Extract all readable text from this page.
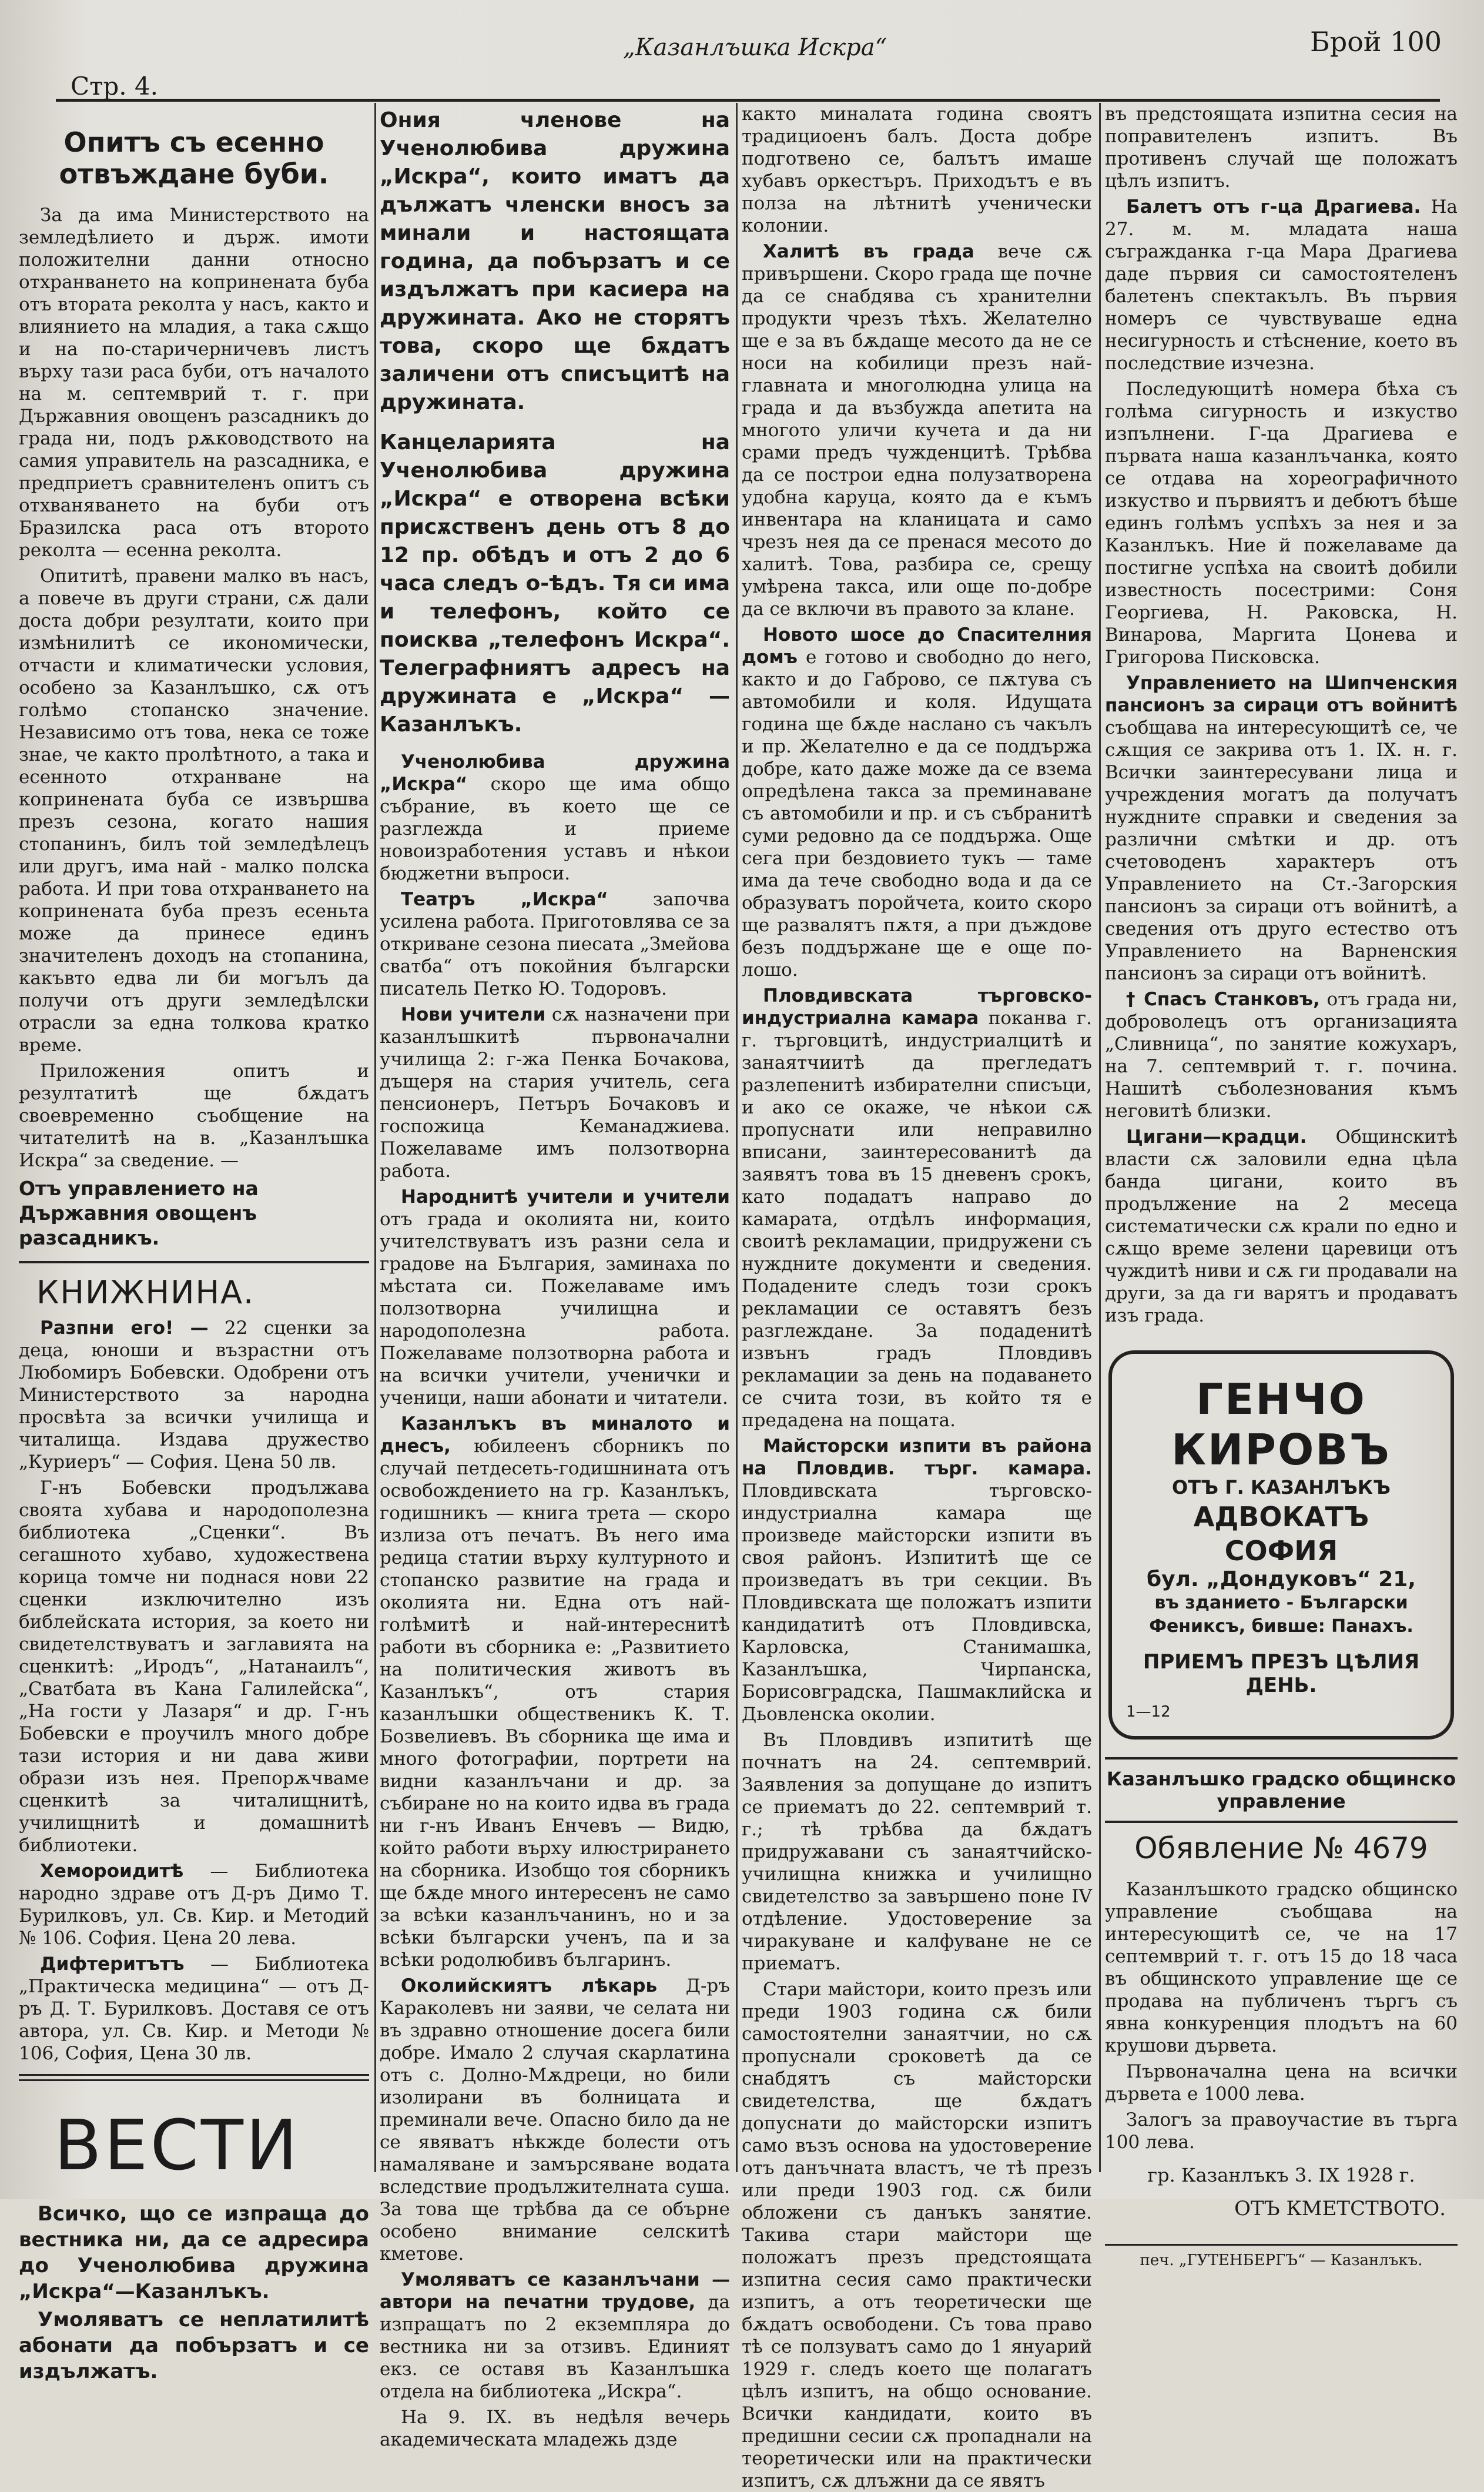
„Казанлъшка Искра“	Брой 100
Стр. 4.
Опитъ съ есенно отвъждане буби.

За да има Министерството на земледѣлието и държ. имоти положителни данни относно отхранването на копринената буба отъ втората реколта у насъ, както и влиянието на младия, а така сѫщо и на по-старичерничевъ листъ върху тази раса буби, отъ началото на м. септемврий т. г. при Държавния овощенъ разсадникъ до града ни, подъ рѫководството на самия управитель на разсадника, е предприетъ сравнителенъ опитъ съ отхваняването на буби отъ Бразилска раса отъ второто реколта — есенна реколта.

Опититѣ, правени малко въ насъ, а повече въ други страни, сѫ дали доста добри резултати, които при измѣнилитѣ се икономически, отчасти и климатически условия, особено за Казанлъшко, сѫ отъ голѣмо стопанско значение. Независимо отъ това, нека се тоже знае, че както пролѣтното, а така и есенното отхранване на копринената буба се извършва презъ сезона, когато нашия стопанинъ, билъ той земледѣлецъ или другъ, има най - малко полска работа. И при това отхранването на копринената буба презъ есеньта може да принесе единъ значителенъ доходъ на стопанина, какъвто едва ли би могълъ да получи отъ други земледѣлски отрасли за една толкова кратко време.

Приложения опитъ и резултатитѣ ще бѫдатъ своевременно съобщение на читателитѣ на в. „Казанлъшка Искра“ за сведение. —

Отъ управлението на Държавния овощенъ разсадникъ.
КНИЖНИНА.

Разпни его! — 22 сценки за деца, юноши и възрастни отъ Любомиръ Бобевски. Одобрени отъ Министерството за народна просвѣта за всички училища и читалища. Издава дружество „Куриеръ“ — София. Цена 50 лв.

Г-нъ Бобевски продължава своята хубава и народополезна библиотека „Сценки“. Въ сегашното хубаво, художествена корица томче ни поднася нови 22 сценки изключително изъ библейската история, за което ни свидетелствуватъ и заглавията на сценкитѣ: „Иродъ“, „Натанаилъ“, „Сватбата въ Кана Галилейска“, „На гости у Лазаря“ и др. Г-нъ Бобевски е проучилъ много добре тази история и ни дава живи образи изъ нея. Препорѫчваме сценкитѣ за читалищнитѣ, училищнитѣ и домашнитѣ библиотеки.

Хемороидитѣ — Библиотека народно здраве отъ Д-ръ Димо Т. Бурилковъ, ул. Св. Кир. и Методий № 106. София. Цена 20 лева.

Дифтеритътъ — Библиотека „Практическа медицина“ — отъ Д-ръ Д. Т. Бурилковъ. Доставя се отъ автора, ул. Св. Кир. и Методи № 106, София, Цена 30 лв.

ВЕСТИ

Всичко, що се изпраща до вестника ни, да се адресира до Ученолюбива дружина „Искра“—Казанлъкъ.

Умоляватъ се неплатилитѣ абонати да побързатъ и се издължатъ.

Ония членове на Ученолюбива дружина „Искра“, които иматъ да дължатъ членски вносъ за минали и настоящата година, да побързатъ и се издължатъ при касиера на дружината. Ако не сторятъ това, скоро ще бѫдатъ заличени отъ списъцитѣ на дружината.

Канцеларията на Ученолюбива дружина „Искра“ е отворена всѣки присѫственъ день отъ 8 до 12 пр. обѣдъ и отъ 2 до 6 часа следъ о-ѣдъ. Тя си има и телефонъ, който се поисква „телефонъ Искра“. Телеграфниятъ адресъ на дружината е „Искра“ — Казанлъкъ.

Ученолюбива дружина „Искра“ скоро ще има общо събрание, въ което ще се разглежда и приеме новоизработения уставъ и нѣкои бюджетни въпроси.

Театръ „Искра“ започва усилена работа. Приготовлява се за откриване сезона пиесата „Змейова сватба“ отъ покойния български писатель Петко Ю. Тодоровъ.

Нови учители сѫ назначени при казанлъшкитѣ първоначални училища 2: г-жа Пенка Бочакова, дъщеря на стария учитель, сега пенсионеръ, Петъръ Бочаковъ и госпожица Кеманаджиева. Пожелаваме имъ ползотворна работа.

Народнитѣ учители и учители отъ града и околията ни, които учителствуватъ изъ разни села и градове на България, заминаха по мѣстата си. Пожелаваме имъ ползотворна училищна и народополезна работа. Пожелаваме ползотворна работа и на всички учители, ученички и ученици, наши абонати и читатели.

Казанлъкъ въ миналото и днесъ, юбилеенъ сборникъ по случай петдесеть-годишнината отъ освобождението на гр. Казанлъкъ, годишникъ — книга трета — скоро излиза отъ печатъ. Въ него има редица статии върху културното и стопанско развитие на града и околията ни. Една отъ най-голѣмитѣ и най-интереснитѣ работи въ сборника е: „Развитието на политическия животъ въ Казанлъкъ“, отъ стария казанлъшки общественикъ К. Т. Бозвелиевъ. Въ сборника ще има и много фотографии, портрети на видни казанлъчани и др. за събиране но на които идва въ града ни г-нъ Иванъ Енчевъ — Видю, който работи върху илюстрирането на сборника. Изобщо тоя сборникъ ще бѫде много интересенъ не само за всѣки казанлъчанинъ, но и за всѣки български ученъ, па и за всѣки родолюбивъ българинъ.

Околийскиятъ лѣкарь Д-ръ Караколевъ ни заяви, че селата ни въ здравно отношение досега били добре. Имало 2 случая скарлатина отъ с. Долно-Мѫдреци, но били изолирани въ болницата и преминали вече. Опасно било да не се явяватъ нѣкжде болести отъ намаляване и замърсяване водата вследствие продължителната суша. За това ще трѣбва да се обърне особено внимание селскитѣ кметове.

Умоляватъ се казанлъчани — автори на печатни трудове, да изпращатъ по 2 екземпляра до вестника ни за отзивъ. Единият екз. се оставя въ Казанлъшка отдела на библиотека „Искра“.

На 9. IX. въ недѣля вечерь академическата младежь дзде

както миналата година своятъ традициоенъ балъ. Доста добре подготвено се, балътъ имаше хубавъ оркестъръ. Приходътъ е въ полза на лѣтнитѣ ученически колонии.

Халитѣ въ града вече сѫ привършени. Скоро града ще почне да се снабдява съ хранителни продукти чрезъ тѣхъ. Желателно ще е за въ бѫдаще месото да не се носи на кобилици презъ най-главната и многолюдна улица на града и да възбужда апетита на многото уличи кучета и да ни срами предъ чужденцитѣ. Трѣбва да се построи една полузатворена удобна каруца, която да е къмъ инвентара на кланицата и само чрезъ нея да се пренася месото до халитѣ. Това, разбира се, срещу умѣрена такса, или още по-добре да се включи въ правото за клане.

Новото шосе до Спасителния домъ е готово и свободно до него, както и до Габрово, се пѫтува съ автомобили и коля. Идущата година ще бѫде наслано съ чакълъ и пр. Желателно е да се поддържа добре, като даже може да се взема опредѣлена такса за преминаване съ автомобили и пр. и съ събранитѣ суми редовно да се поддържа. Още сега при бездовието тукъ — таме има да тече свободно вода и да се образуватъ поройчета, които скоро ще развалятъ пѫтя, а при дъждове безъ поддържане ще е още по-лошо.

Пловдивската търговско-индустриална камара поканва г. г. търговцитѣ, индустриалцитѣ и занаятчиитѣ да прегледатъ разлепенитѣ избирателни списъци, и ако се окаже, че нѣкои сѫ пропуснати или неправилно вписани, заинтересованитѣ да заявятъ това въ 15 дневенъ срокъ, като подадатъ направо до камарата, отдѣлъ информация, своитѣ рекламации, придружени съ нуждните документи и сведения. Подадените следъ този срокъ рекламации се оставятъ безъ разглеждане. За подаденитѣ извънъ градъ Пловдивъ рекламации за день на подаването се счита този, въ който тя е предадена на пощата.

Майсторски изпити въ района на Пловдив. търг. камара. Пловдивската търговско-индустриална камара ще произведе майсторски изпити въ своя районъ. Изпититѣ ще се произведатъ въ три секции. Въ Пловдивската ще положатъ изпити кандидатитѣ отъ Пловдивска, Карловска, Станимашка, Казанлъшка, Чирпанска, Борисовградска, Пашмаклийска и Дьовленска околии.

Въ Пловдивъ изпититѣ ще почнатъ на 24. септемврий. Заявления за допущане до изпитъ се приематъ до 22. септемврий т. г.; тѣ трѣбва да бѫдатъ придружавани съ занаятчийско-училищна книжка и училищно свидетелство за завършено поне IV отдѣление. Удостоверение за чиракуване и калфуване не се приематъ.

Стари майстори, които презъ или преди 1903 година сѫ били самостоятелни занаятчии, но сѫ пропуснали сроковетѣ да се снабдятъ съ майсторски свидетелства, ще бѫдатъ допуснати до майсторски изпитъ само възъ основа на удостоверение отъ данъчната властъ, че тѣ презъ или преди 1903 год. сѫ били обложени съ данъкъ занятие. Такива стари майстори ще положатъ презъ предстоящата изпитна сесия само практически изпитъ, а отъ теоретически ще бѫдатъ освободени. Съ това право тѣ се ползуватъ само до 1 януарий 1929 г. следъ което ще полагатъ цѣлъ изпитъ, на общо основание. Всички кандидати, които въ предишни сесии сѫ пропаднали на теоретически или на практически изпитъ, сѫ длъжни да се явятъ

въ предстоящата изпитна сесия на поправителенъ изпитъ. Въ противенъ случай ще положатъ цѣлъ изпитъ.

Балетъ отъ г-ца Драгиева. На 27. м. м. младата наша съгражданка г-ца Мара Драгиева даде първия си самостоятеленъ балетенъ спектакълъ. Въ първия номеръ се чувствуваше една несигурность и стѣснение, което въ последствие изчезна.

Последующитѣ номера бѣха съ голѣма сигурность и изкуство изпълнени. Г-ца Драгиева е първата наша казанлъчанка, която се отдава на хореографичното изкуство и първиятъ и дебютъ бѣше единъ голѣмъ успѣхъ за нея и за Казанлъкъ. Ние й пожелаваме да постигне успѣха на своитѣ добили известность посестрими: Соня Георгиева, Н. Раковска, Н. Винарова, Маргита Цонева и Григорова Писковска.

Управлението на Шипченския пансионъ за сираци отъ войнитѣ съобщава на интересующитѣ се, че сѫщия се закрива отъ 1. IX. н. г. Всички заинтересувани лица и учреждения могатъ да получатъ нуждните справки и сведения за различни смѣтки и др. отъ счетоводенъ характеръ отъ Управлението на Ст.-Загорския пансионъ за сираци отъ войнитѣ, а сведения отъ друго естество отъ Управлението на Варненския пансионъ за сираци отъ войнитѣ.

† Спасъ Станковъ, отъ града ни, доброволецъ отъ организацията „Сливница“, по занятие кожухаръ, на 7. септемврий т. г. почина. Нашитѣ съболезнования къмъ неговитѣ близки.

Цигани—крадци. Общинскитѣ власти сѫ заловили една цѣла банда цигани, които въ продължение на 2 месеца систематически сѫ крали по едно и сѫщо време зелени царевици отъ чуждитѣ ниви и сѫ ги продавали на други, за да ги варятъ и продаватъ изъ града.

ГЕНЧО КИРОВЪ
ОТЪ Г. КАЗАНЛЪКЪ
АДВОКАТЪ
СОФИЯ
бул. „Дондуковъ“ 21,
въ зданието - Български
Фениксъ, бивше: Панахъ.
ПРИЕМЪ ПРЕЗЪ ЦѢЛИЯ ДЕНЬ.
1—12
Казанлъшко градско общинско управление
Обявление № 4679

Казанлъшкото градско общинско управление съобщава на интересующитѣ се, че на 17 септемврий т. г. отъ 15 до 18 часа въ общинското управление ще се продава на публиченъ търгъ съ явна конкуренция плодътъ на 60 крушови дървета.

Първоначална цена на всички дървета е 1000 лева.

Залогъ за правоучастие въ търга 100 лева.

гр. Казанлъкъ 3. IX 1928 г.
ОТЪ КМЕТСТВОТО.
печ. „ГУТЕНБЕРГЪ“ — Казанлъкъ.
